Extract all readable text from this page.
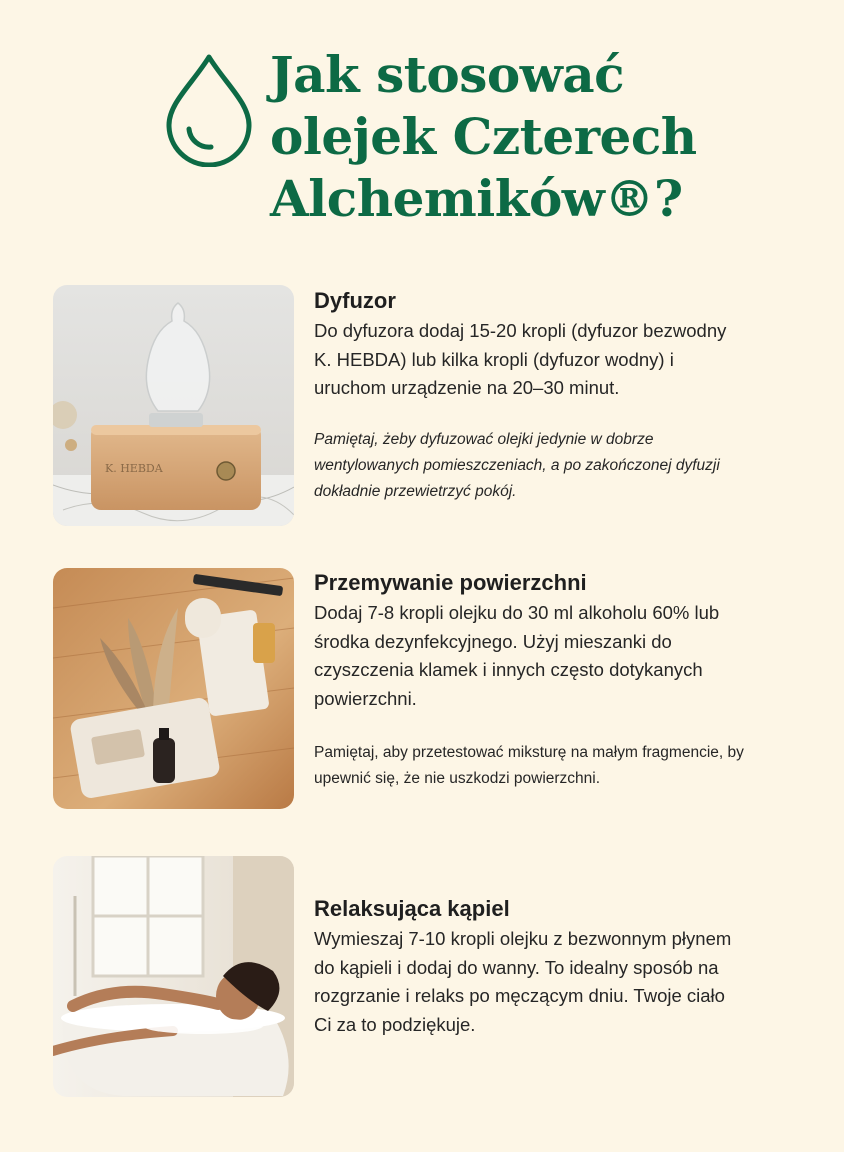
Jak stosować
olejek Czterech
Alchemików®?
K. HEBDA
Dyfuzor

Do dyfuzora dodaj 15-20 kropli (dyfuzor bezwodny K. HEBDA) lub kilka kropli (dyfuzor wodny) i uruchom urządzenie na 20–30 minut.

Pamiętaj, żeby dyfuzować olejki jedynie w dobrze wentylowanych pomieszczeniach, a po zakończonej dyfuzji dokładnie przewietrzyć pokój.

Przemywanie powierzchni

Dodaj 7-8 kropli olejku do 30 ml alkoholu 60% lub środka dezynfekcyjnego. Użyj mieszanki do czyszczenia klamek i innych często dotykanych powierzchni.

Pamiętaj, aby przetestować miksturę na małym fragmencie, by upewnić się, że nie uszkodzi powierzchni.

Relaksująca kąpiel

Wymieszaj 7-10 kropli olejku z bezwonnym płynem do kąpieli i dodaj do wanny. To idealny sposób na rozgrzanie i relaks po męczącym dniu. Twoje ciało Ci za to podziękuje.
